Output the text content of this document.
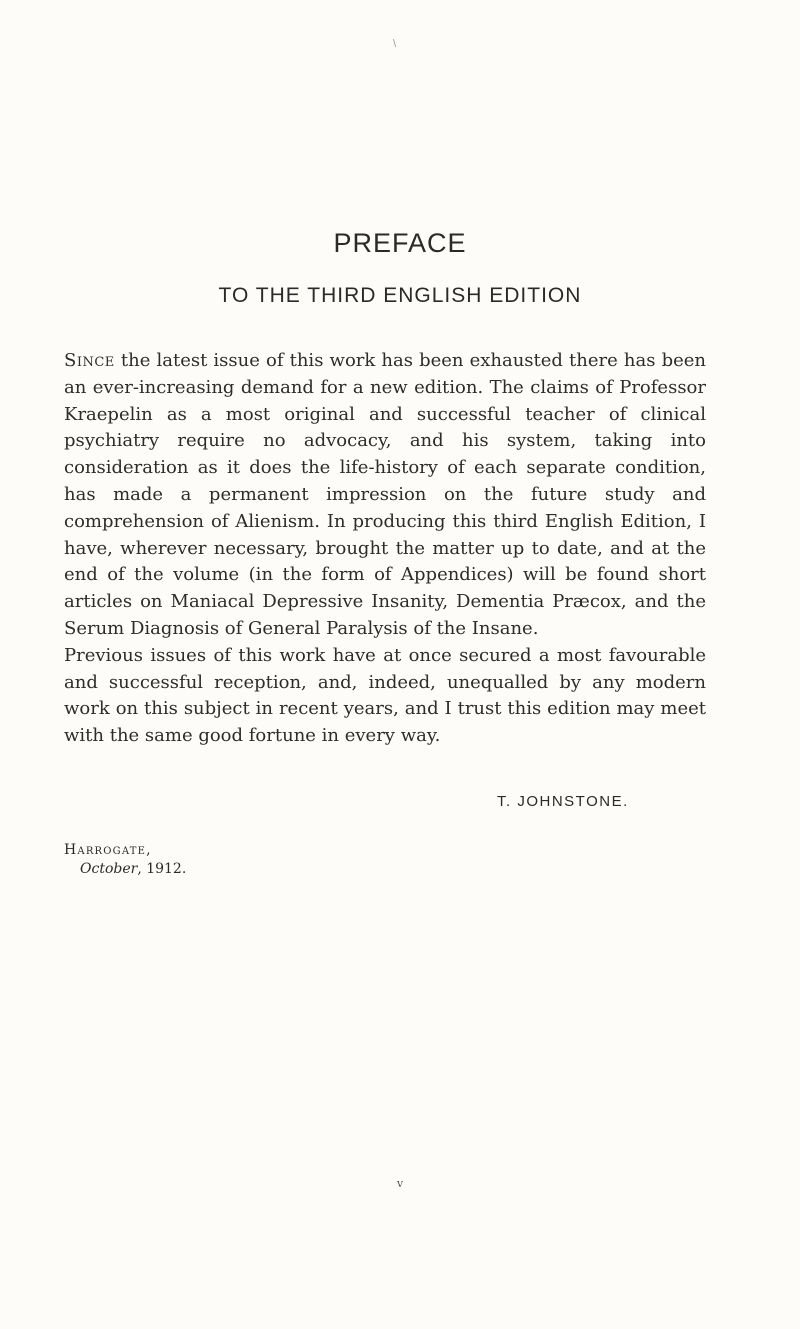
\
PREFACE
TO THE THIRD ENGLISH EDITION

Since the latest issue of this work has been exhausted there has been an ever-increasing demand for a new edition. The claims of Professor Kraepelin as a most original and successful teacher of clinical psychiatry require no advocacy, and his system, taking into consideration as it does the life-history of each separate condition, has made a permanent impression on the future study and comprehension of Alienism. In producing this third English Edition, I have, wherever necessary, brought the matter up to date, and at the end of the volume (in the form of Appendices) will be found short articles on Maniacal Depressive Insanity, Dementia Præcox, and the Serum Diagnosis of General Paralysis of the Insane.

Previous issues of this work have at once secured a most favourable and successful reception, and, indeed, unequalled by any modern work on this subject in recent years, and I trust this edition may meet with the same good fortune in every way.

T. JOHNSTONE.
Harrogate,
October, 1912.
v
